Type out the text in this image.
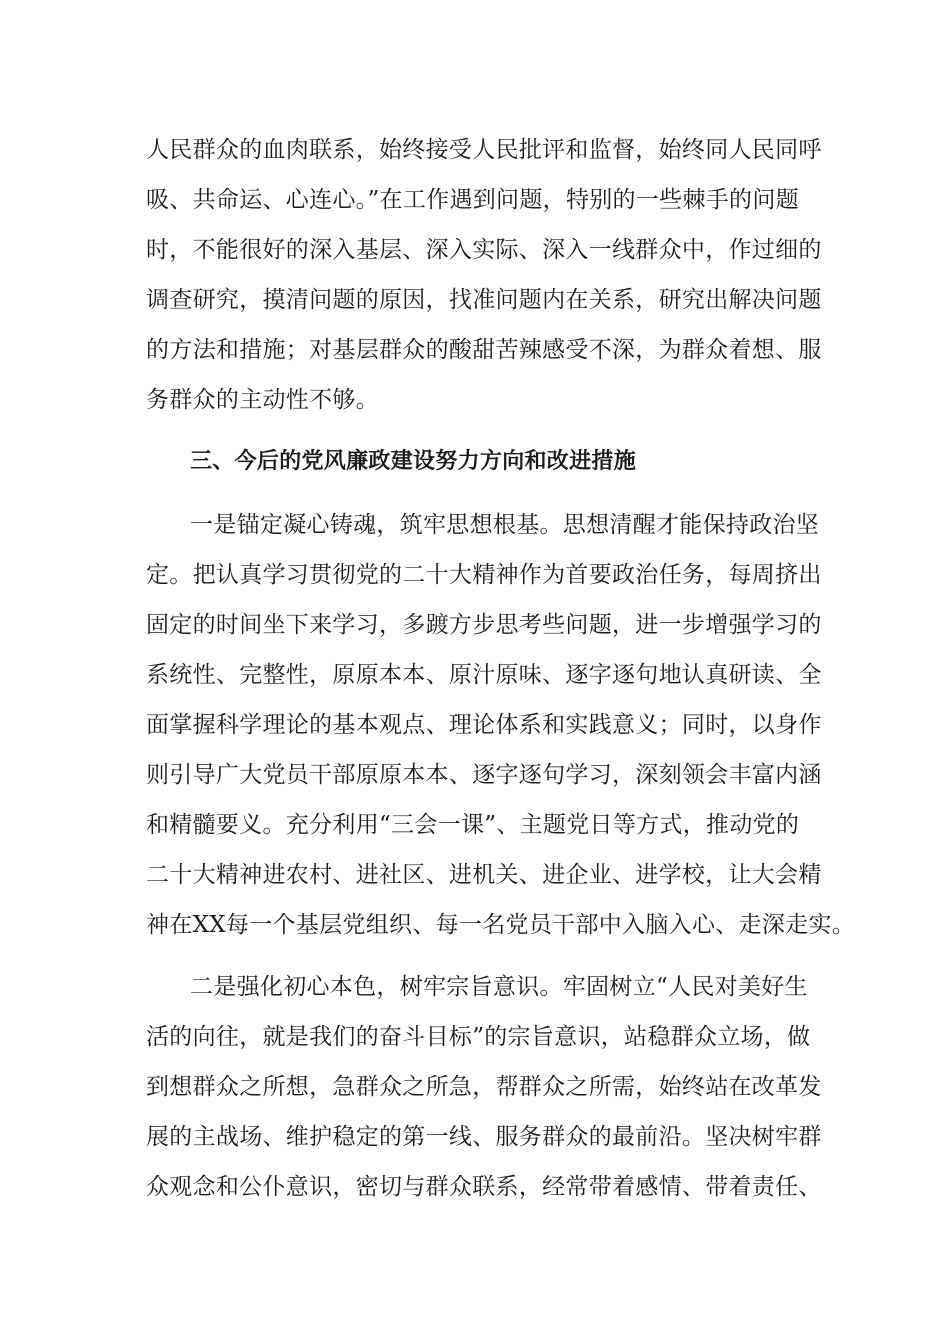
人民群众的血肉联系，始终接受人民批评和监督，始终同人民同呼
吸、共命运、心连心。”在工作遇到问题，特别的一些棘手的问题
时，不能很好的深入基层、深入实际、深入一线群众中，作过细的
调查研究，摸清问题的原因，找准问题内在关系，研究出解决问题
的方法和措施；对基层群众的酸甜苦辣感受不深，为群众着想、服
务群众的主动性不够。
三、今后的党风廉政建设努力方向和改进措施
一是锚定凝心铸魂，筑牢思想根基。思想清醒才能保持政治坚
定。把认真学习贯彻党的二十大精神作为首要政治任务，每周挤出
固定的时间坐下来学习，多踱方步思考些问题，进一步增强学习的
系统性、完整性，原原本本、原汁原味、逐字逐句地认真研读、全
面掌握科学理论的基本观点、理论体系和实践意义；同时，以身作
则引导广大党员干部原原本本、逐字逐句学习，深刻领会丰富内涵
和精髓要义。充分利用“三会一课”、主题党日等方式，推动党的
二十大精神进农村、进社区、进机关、进企业、进学校，让大会精
神在XX每一个基层党组织、每一名党员干部中入脑入心、走深走实。
二是强化初心本色，树牢宗旨意识。牢固树立“人民对美好生
活的向往，就是我们的奋斗目标”的宗旨意识，站稳群众立场，做
到想群众之所想，急群众之所急，帮群众之所需，始终站在改革发
展的主战场、维护稳定的第一线、服务群众的最前沿。坚决树牢群
众观念和公仆意识，密切与群众联系，经常带着感情、带着责任、
